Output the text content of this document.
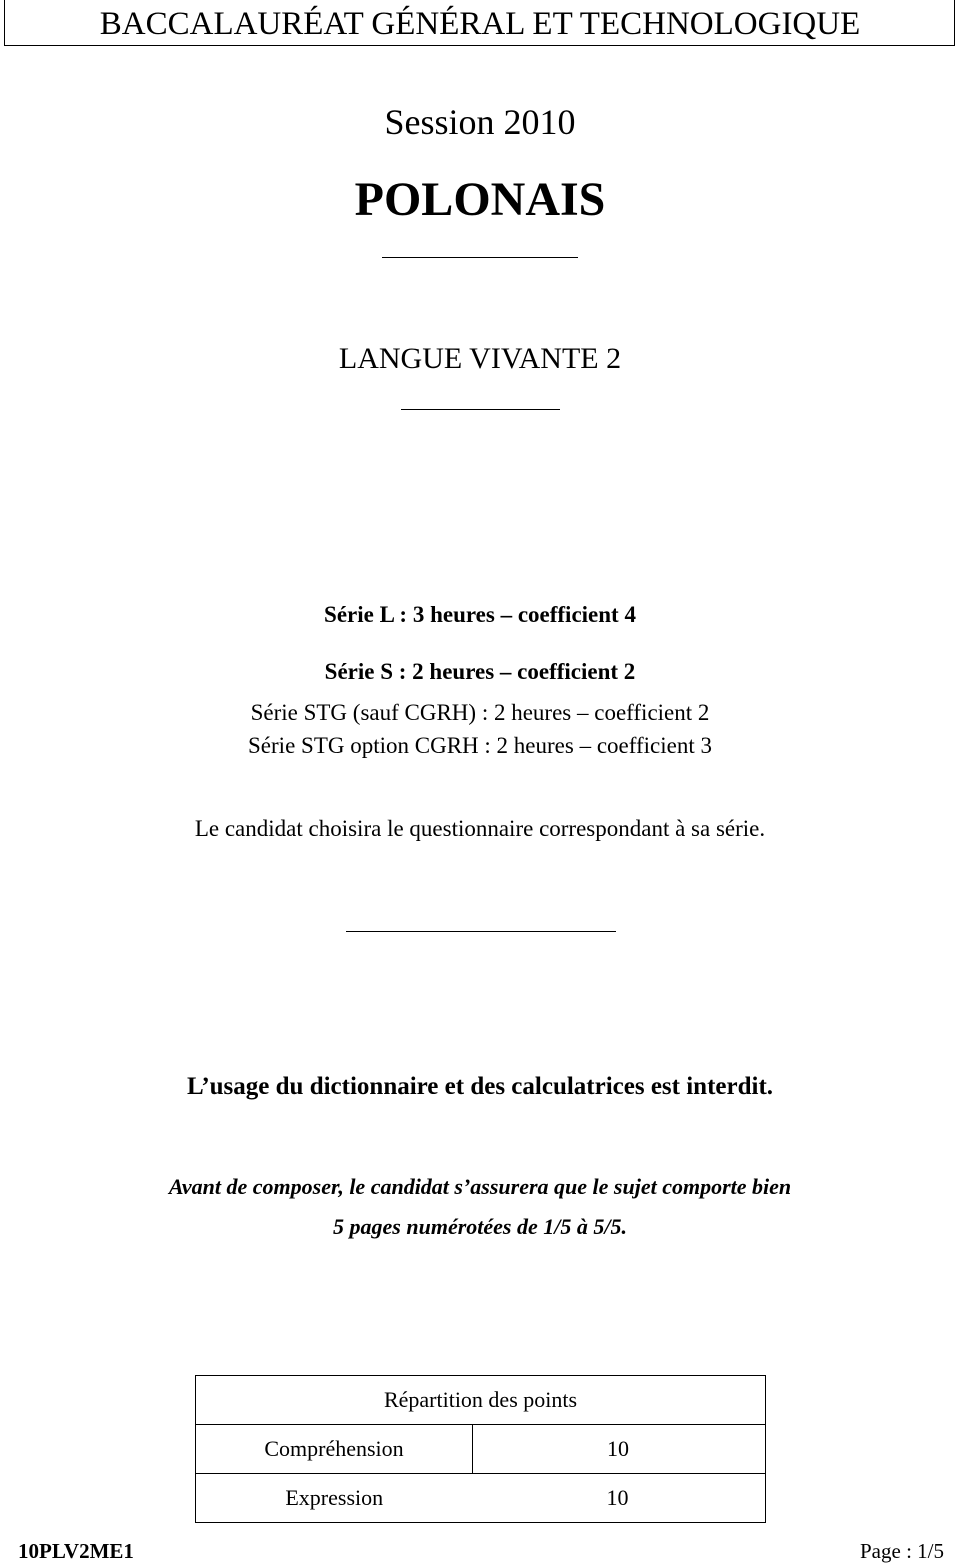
BACCALAURÉAT GÉNÉRAL ET TECHNOLOGIQUE
Session 2010
POLONAIS
LANGUE VIVANTE 2
Série L : 3 heures – coefficient 4
Série S : 2 heures – coefficient 2
Série STG (sauf CGRH) : 2 heures – coefficient 2
Série STG option CGRH : 2 heures – coefficient 3
Le candidat choisira le questionnaire correspondant à sa série.
L’usage du dictionnaire et des calculatrices est interdit.
Avant de composer, le candidat s’assurera que le sujet comporte bien
5 pages numérotées de 1/5 à 5/5.
Répartition des points	
Compréhension	10
Expression	10
10PLV2ME1	Page : 1/5
